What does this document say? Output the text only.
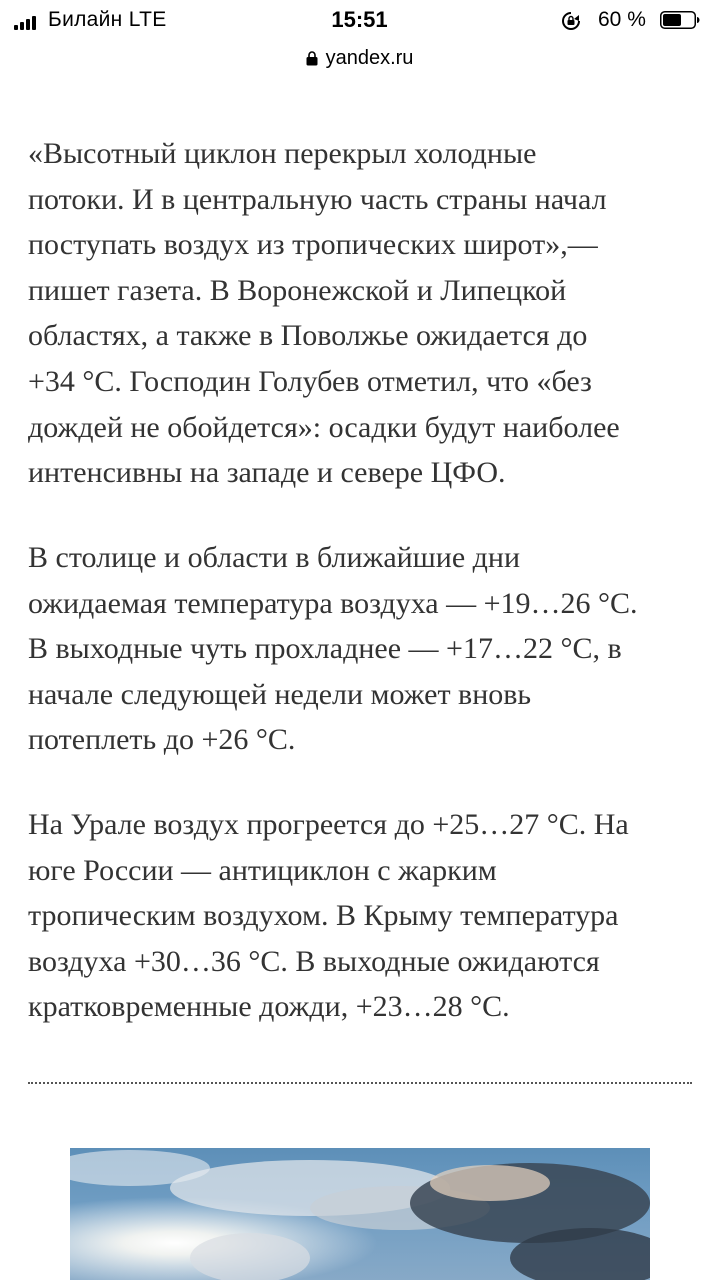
Билайн LTE	15:51	60 %
yandex.ru

«Высотный циклон перекрыл холодные
потоки. И в центральную часть страны начал
поступать воздух из тропических широт»,—
пишет газета. В Воронежской и Липецкой
областях, а также в Поволжье ожидается до
+34 °С. Господин Голубев отметил, что «без
дождей не обойдется»: осадки будут наиболее
интенсивны на западе и севере ЦФО.

В столице и области в ближайшие дни
ожидаемая температура воздуха — +19…26 °С.
В выходные чуть прохладнее — +17…22 °С, в
начале следующей недели может вновь
потеплеть до +26 °С.

На Урале воздух прогреется до +25…27 °С. На
юге России — антициклон с жарким
тропическим воздухом. В Крыму температура
воздуха +30…36 °С. В выходные ожидаются
кратковременные дожди, +23…28 °С.
